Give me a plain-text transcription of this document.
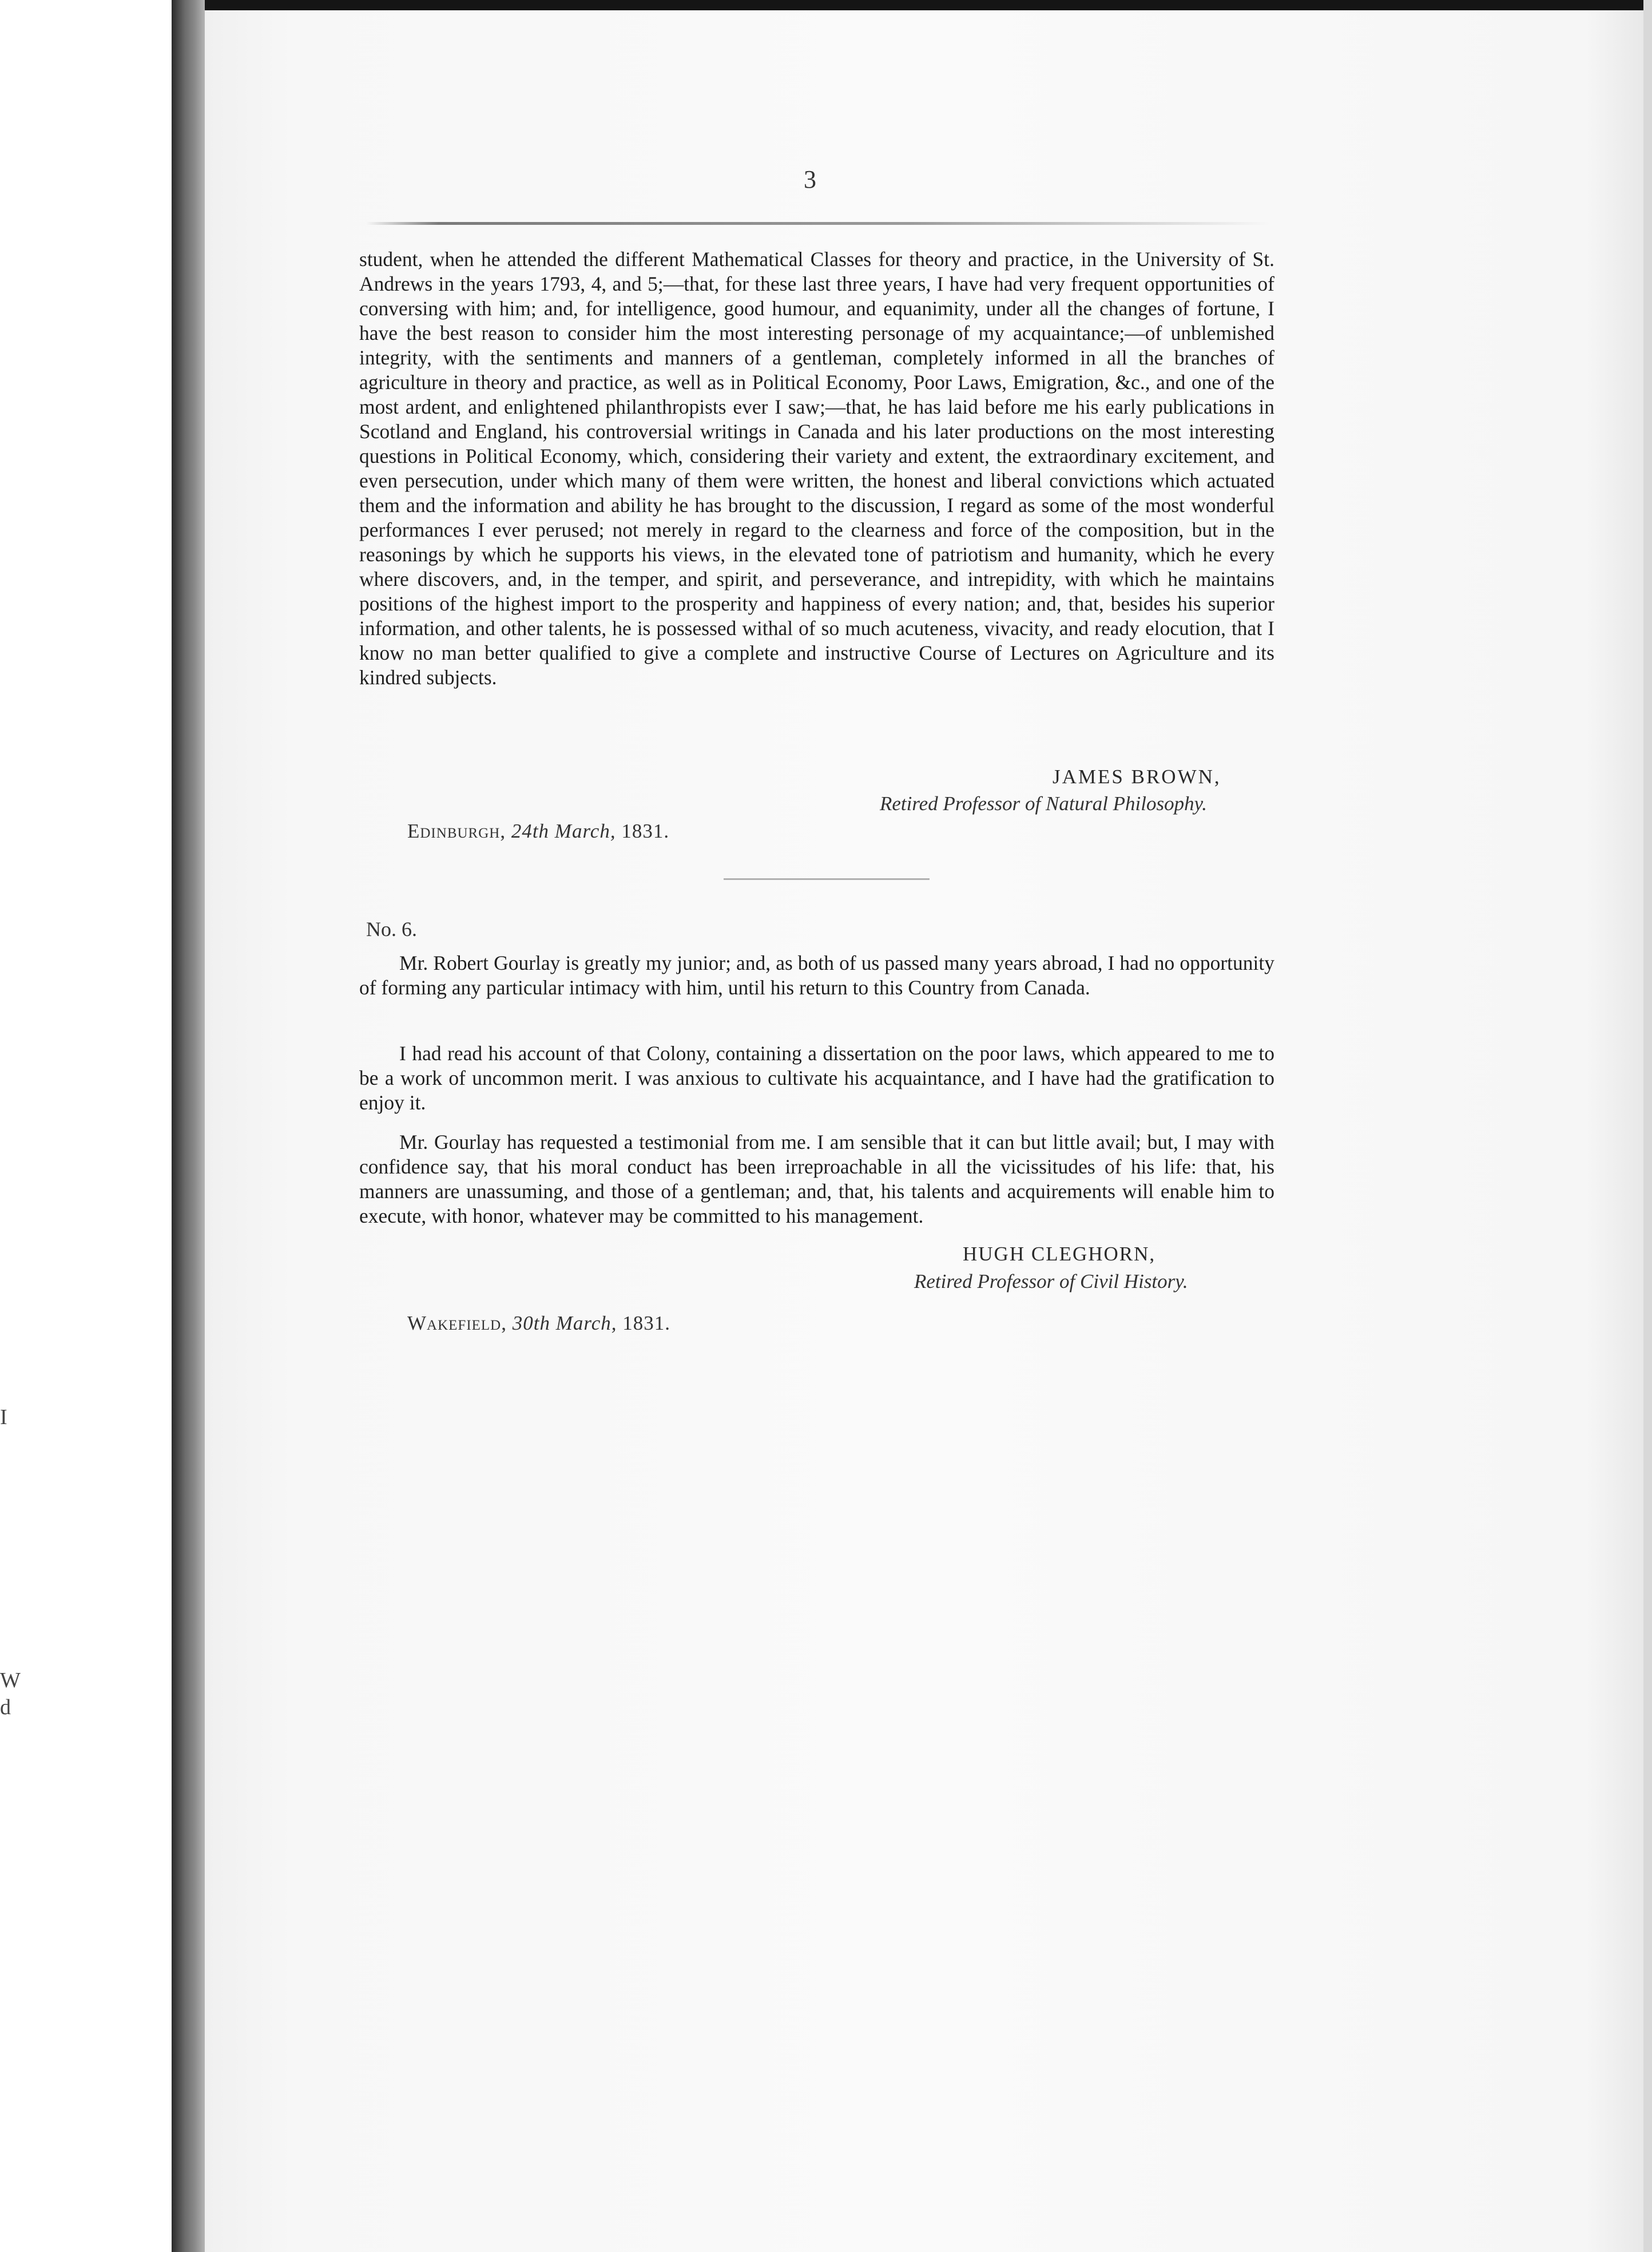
I
W
d
3

student, when he attended the different Mathematical Classes for theory and practice, in the University of St. Andrews in the years 1793, 4, and 5;—that, for these last three years, I have had very frequent opportunities of conversing with him; and, for intelligence, good humour, and equanimity, under all the changes of fortune, I have the best reason to consider him the most interesting personage of my acquaintance;—of unblemished integrity, with the sentiments and manners of a gentleman, completely informed in all the branches of agriculture in theory and practice, as well as in Political Economy, Poor Laws, Emigration, &c., and one of the most ardent, and enlightened philanthropists ever I saw;—that, he has laid before me his early publications in Scotland and England, his controversial writings in Canada and his later productions on the most interesting questions in Political Economy, which, considering their variety and extent, the extraordinary excitement, and even persecution, under which many of them were written, the honest and liberal convictions which actuated them and the information and ability he has brought to the discussion, I regard as some of the most wonderful performances I ever perused; not merely in regard to the clearness and force of the composition, but in the reasonings by which he supports his views, in the elevated tone of patriotism and humanity, which he every where discovers, and, in the temper, and spirit, and perseverance, and intrepidity, with which he maintains positions of the highest import to the prosperity and happiness of every nation; and, that, besides his superior information, and other talents, he is possessed withal of so much acuteness, vivacity, and ready elocution, that I know no man better qualified to give a complete and instructive Course of Lectures on Agriculture and its kindred subjects.

JAMES BROWN,
Retired Professor of Natural Philosophy.
Edinburgh, 24th March, 1831.
No. 6.

Mr. Robert Gourlay is greatly my junior; and, as both of us passed many years abroad, I had no opportunity of forming any particular intimacy with him, until his return to this Country from Canada.

I had read his account of that Colony, containing a dissertation on the poor laws, which appeared to me to be a work of uncommon merit. I was anxious to cultivate his acquaintance, and I have had the gratification to enjoy it.

Mr. Gourlay has requested a testimonial from me. I am sensible that it can but little avail; but, I may with confidence say, that his moral conduct has been irreproachable in all the vicissitudes of his life: that, his manners are unassuming, and those of a gentleman; and, that, his talents and acquirements will enable him to execute, with honor, whatever may be committed to his management.

HUGH CLEGHORN,
Retired Professor of Civil History.
Wakefield, 30th March, 1831.
